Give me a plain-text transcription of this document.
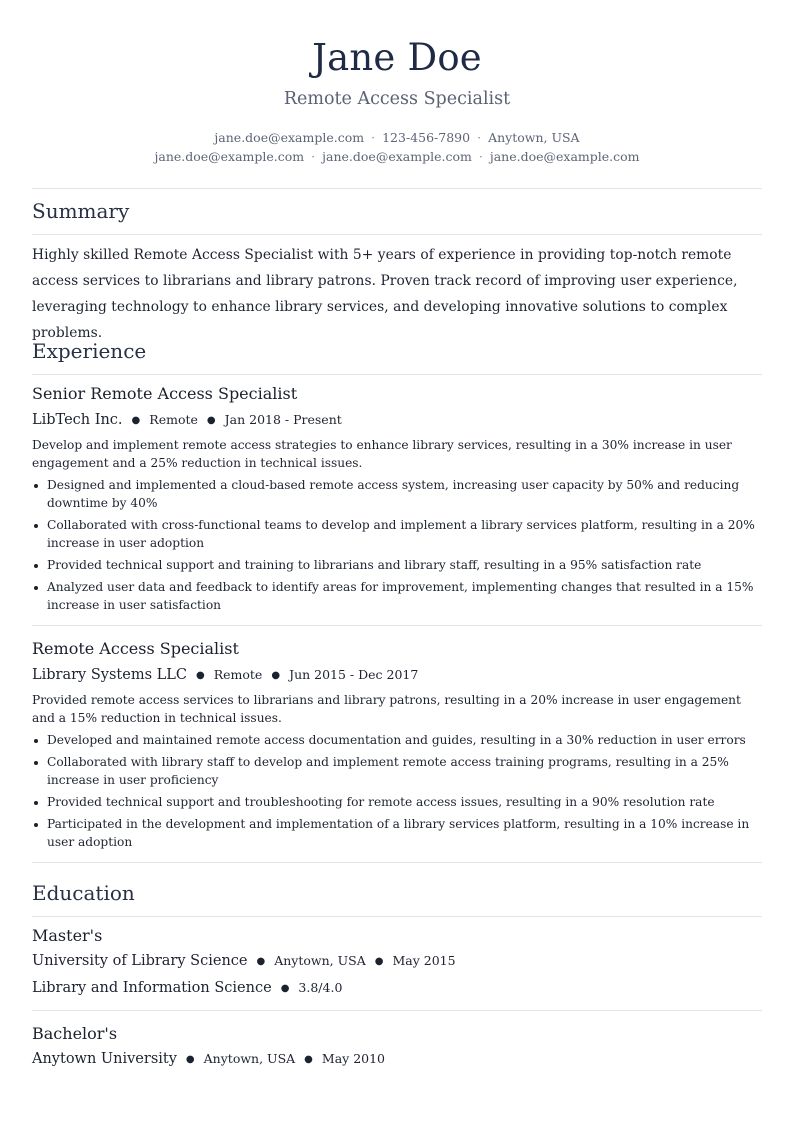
Jane Doe
Remote Access Specialist
jane.doe@example.com · 123-456-7890 · Anytown, USA
jane.doe@example.com · jane.doe@example.com · jane.doe@example.com
Summary
Highly skilled Remote Access Specialist with 5+ years of experience in providing top-notch remote access services to librarians and library patrons. Proven track record of improving user experience, leveraging technology to enhance library services, and developing innovative solutions to complex problems.
Experience
Senior Remote Access Specialist
LibTech Inc. ● Remote ● Jan 2018 - Present
Develop and implement remote access strategies to enhance library services, resulting in a 30% increase in user engagement and a 25% reduction in technical issues.
Designed and implemented a cloud-based remote access system, increasing user capacity by 50% and reducing downtime by 40%
Collaborated with cross-functional teams to develop and implement a library services platform, resulting in a 20% increase in user adoption
Provided technical support and training to librarians and library staff, resulting in a 95% satisfaction rate
Analyzed user data and feedback to identify areas for improvement, implementing changes that resulted in a 15% increase in user satisfaction
Remote Access Specialist
Library Systems LLC ● Remote ● Jun 2015 - Dec 2017
Provided remote access services to librarians and library patrons, resulting in a 20% increase in user engagement and a 15% reduction in technical issues.
Developed and maintained remote access documentation and guides, resulting in a 30% reduction in user errors
Collaborated with library staff to develop and implement remote access training programs, resulting in a 25% increase in user proficiency
Provided technical support and troubleshooting for remote access issues, resulting in a 90% resolution rate
Participated in the development and implementation of a library services platform, resulting in a 10% increase in user adoption
Education
Master's
University of Library Science ● Anytown, USA ● May 2015
Library and Information Science ● 3.8/4.0
Bachelor's
Anytown University ● Anytown, USA ● May 2010
